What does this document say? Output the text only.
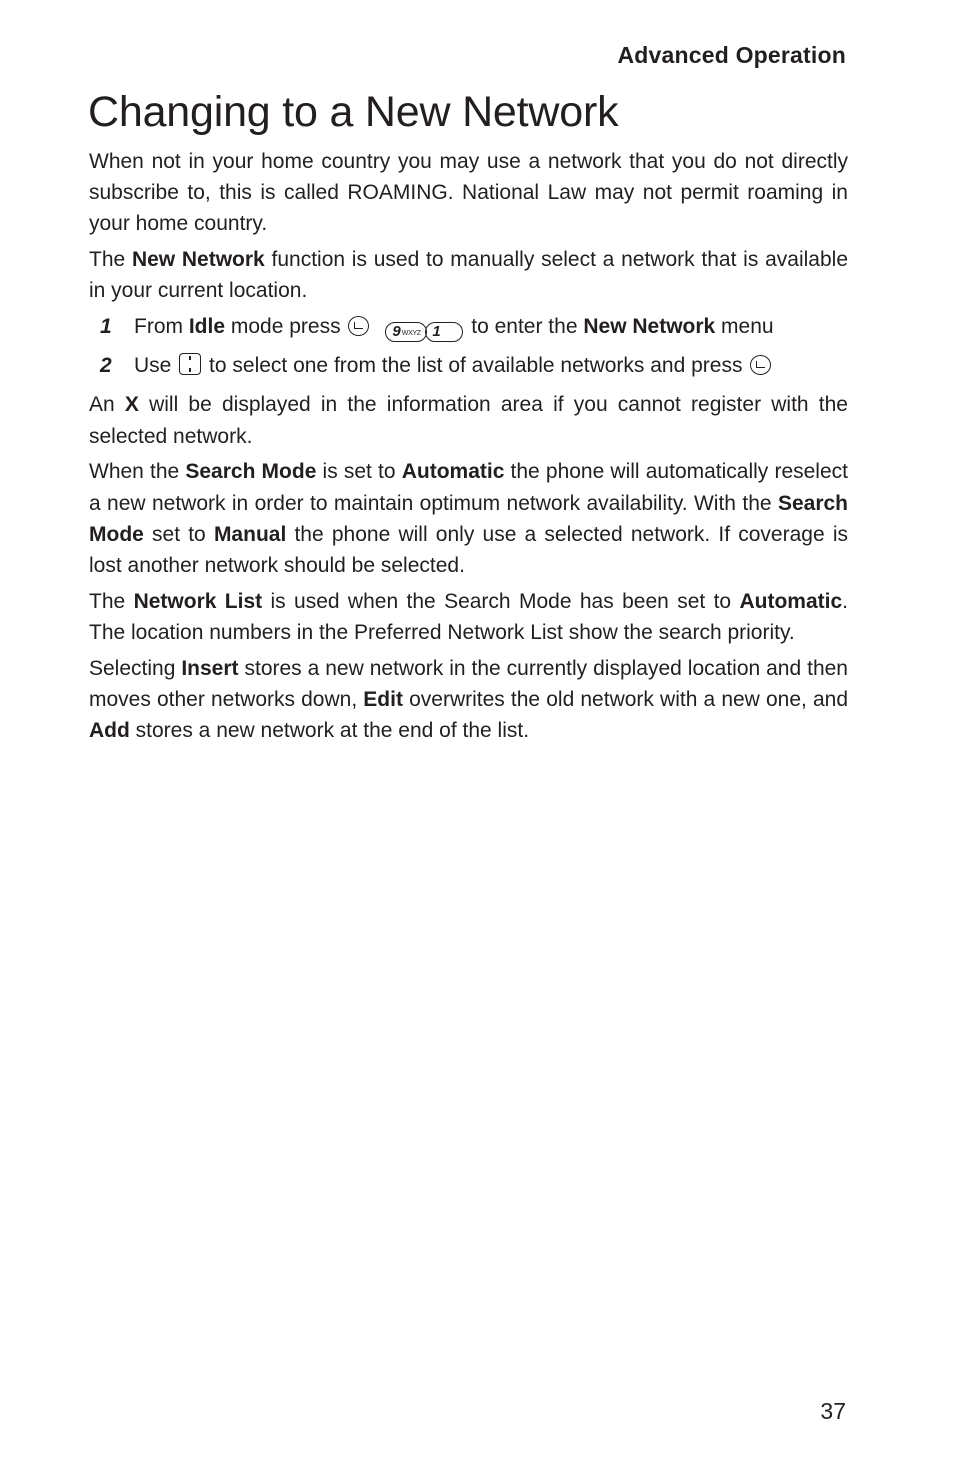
Advanced Operation
Changing to a New Network

When not in your home country you may use a network that you do not directly subscribe to, this is called ROAMING. National Law may not permit roaming in your home country.

The New Network function is used to manually select a network that is available in your current location.

1	From Idle mode press	9WXYZ 1 to enter the New Network menu
2	Use  to select one from the list of available networks and press

An X will be displayed in the information area if you cannot register with the selected network.

When the Search Mode is set to Automatic the phone will automatically reselect a new network in order to maintain optimum network availability. With the Search Mode set to Manual the phone will only use a selected network. If coverage is lost another network should be selected.

The Network List is used when the Search Mode has been set to Automatic. The location numbers in the Preferred Network List show the search priority.

Selecting Insert stores a new network in the currently displayed location and then moves other networks down, Edit overwrites the old network with a new one, and Add stores a new network at the end of the list.

37
